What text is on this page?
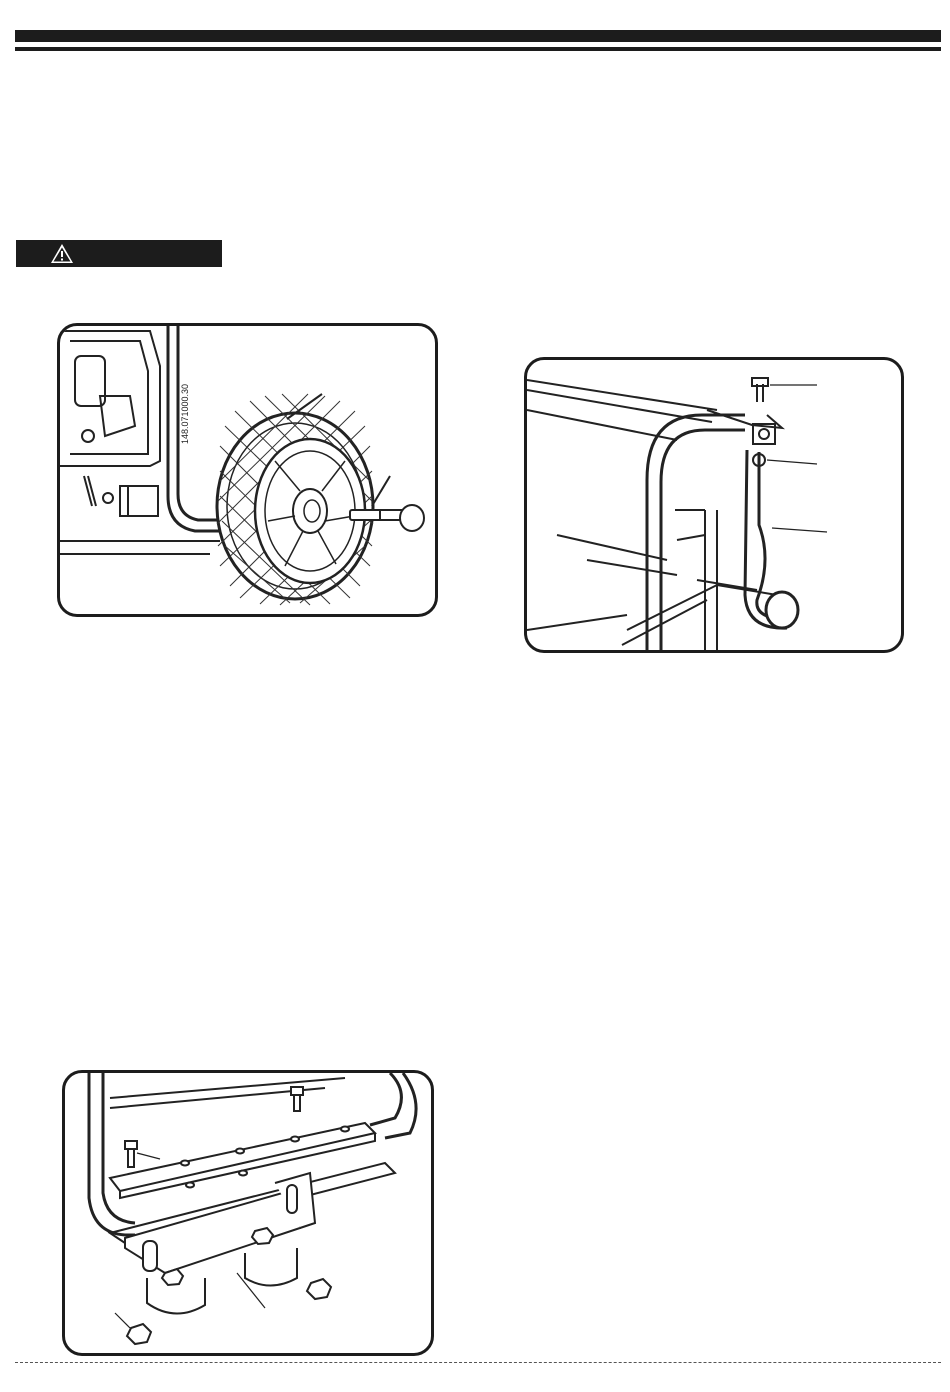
148.071000.30
